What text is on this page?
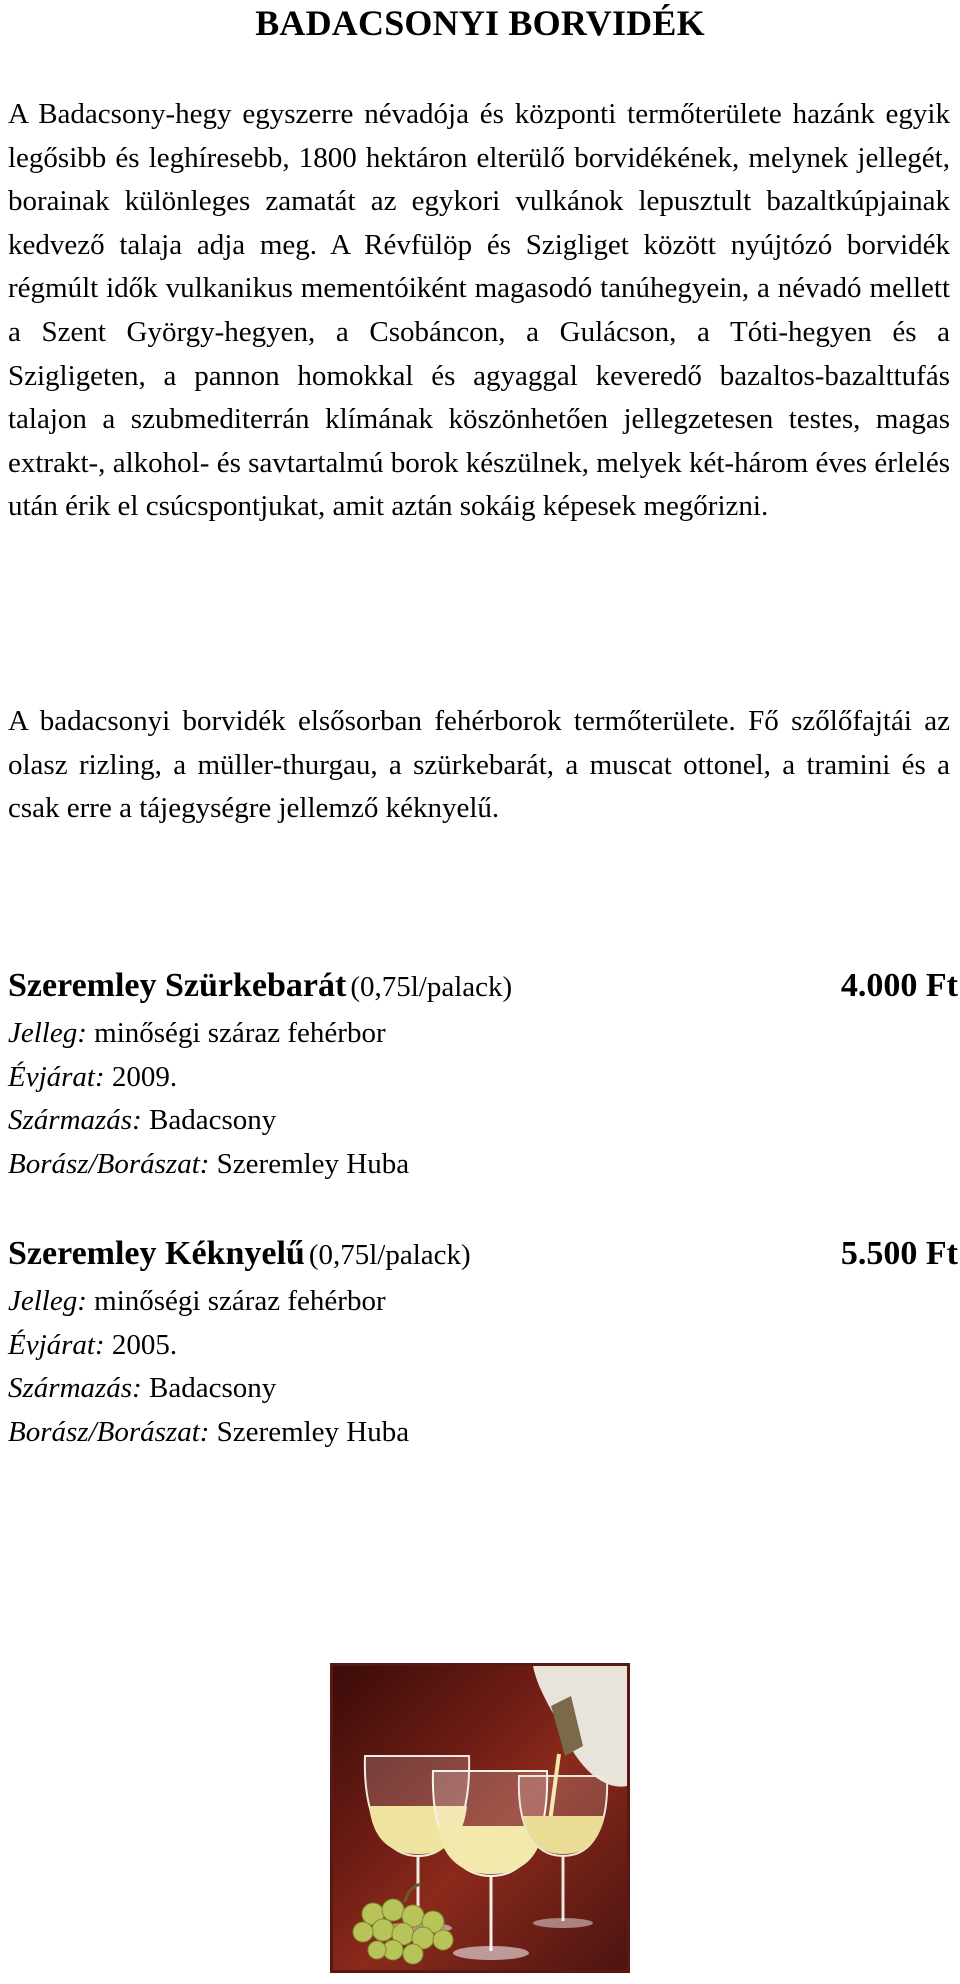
BADACSONYI BORVIDÉK
A Badacsony-hegy egyszerre névadója és központi termőterülete hazánk egyik legősibb és leghíresebb, 1800 hektáron elterülő borvidékének, melynek jellegét, borainak különleges zamatát az egykori vulkánok lepusztult bazaltkúpjainak kedvező talaja adja meg. A Révfülöp és Szigliget között nyújtózó borvidék régmúlt idők vulkanikus mementóiként magasodó tanúhegyein, a névadó mellett a Szent György-hegyen, a Csobáncon, a Gulácson, a Tóti-hegyen és a Szigligeten, a pannon homokkal és agyaggal keveredő bazaltos-bazalttufás talajon a szubmediterrán klímának köszönhetően jellegzetesen testes, magas extrakt-, alkohol- és savtartalmú borok készülnek, melyek két-három éves érlelés után érik el csúcspontjukat, amit aztán sokáig képesek megőrizni.
A badacsonyi borvidék elsősorban fehérborok termőterülete. Fő szőlőfajtái az olasz rizling, a müller-thurgau, a szürkebarát, a muscat ottonel, a tramini és a csak erre a tájegységre jellemző kéknyelű.
Szeremley Szürkebarát (0,75l/palack)	4.000 Ft
Jelleg: minőségi száraz fehérbor
Évjárat: 2009.
Származás: Badacsony
Borász/Borászat: Szeremley Huba
Szeremley Kéknyelű (0,75l/palack)	5.500 Ft
Jelleg: minőségi száraz fehérbor
Évjárat: 2005.
Származás: Badacsony
Borász/Borászat: Szeremley Huba
